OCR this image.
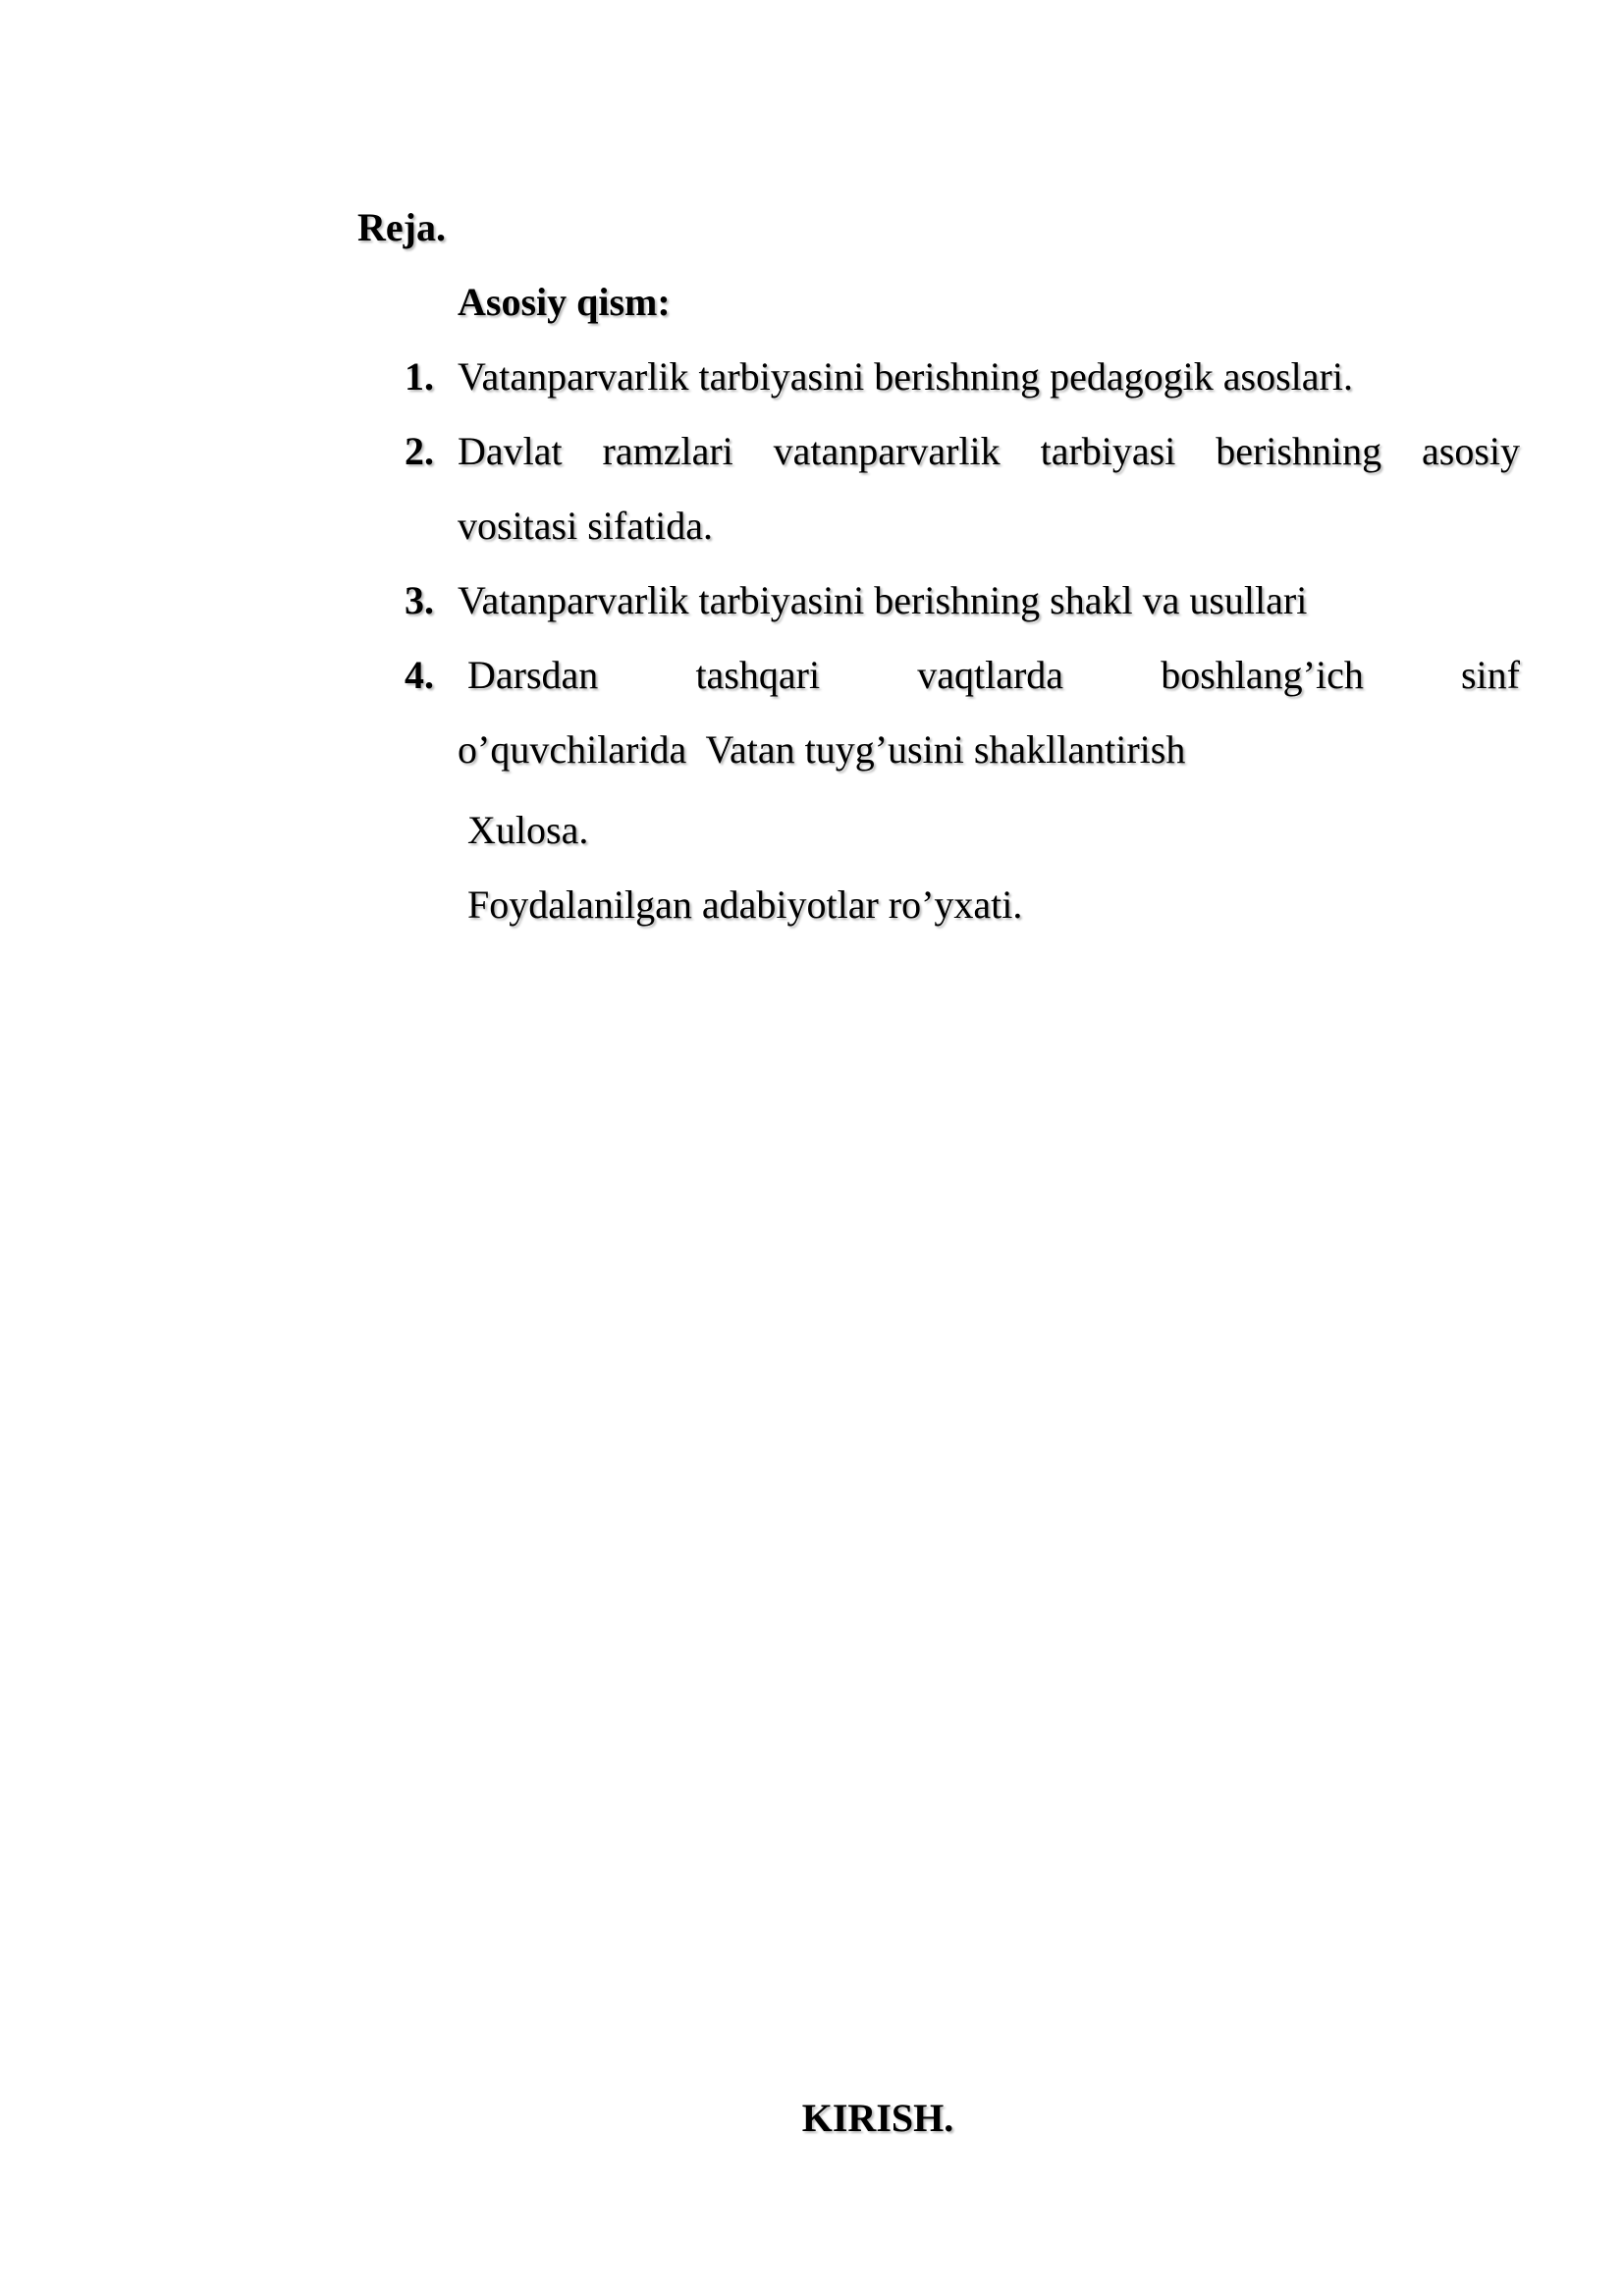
Reja.
Asosiy qism:
1. Vatanparvarlik tarbiyasini berishning pedagogik asoslari.
2. Davlat ramzlari vatanparvarlik tarbiyasi berishning asosiy
vositasi sifatida.
3. Vatanparvarlik tarbiyasini berishning shakl va usullari
4. Darsdan tashqari vaqtlarda boshlang’ich sinf
o’quvchilarida  Vatan tuyg’usini shakllantirish
Xulosa.
Foydalanilgan adabiyotlar ro’yxati.
KIRISH.
